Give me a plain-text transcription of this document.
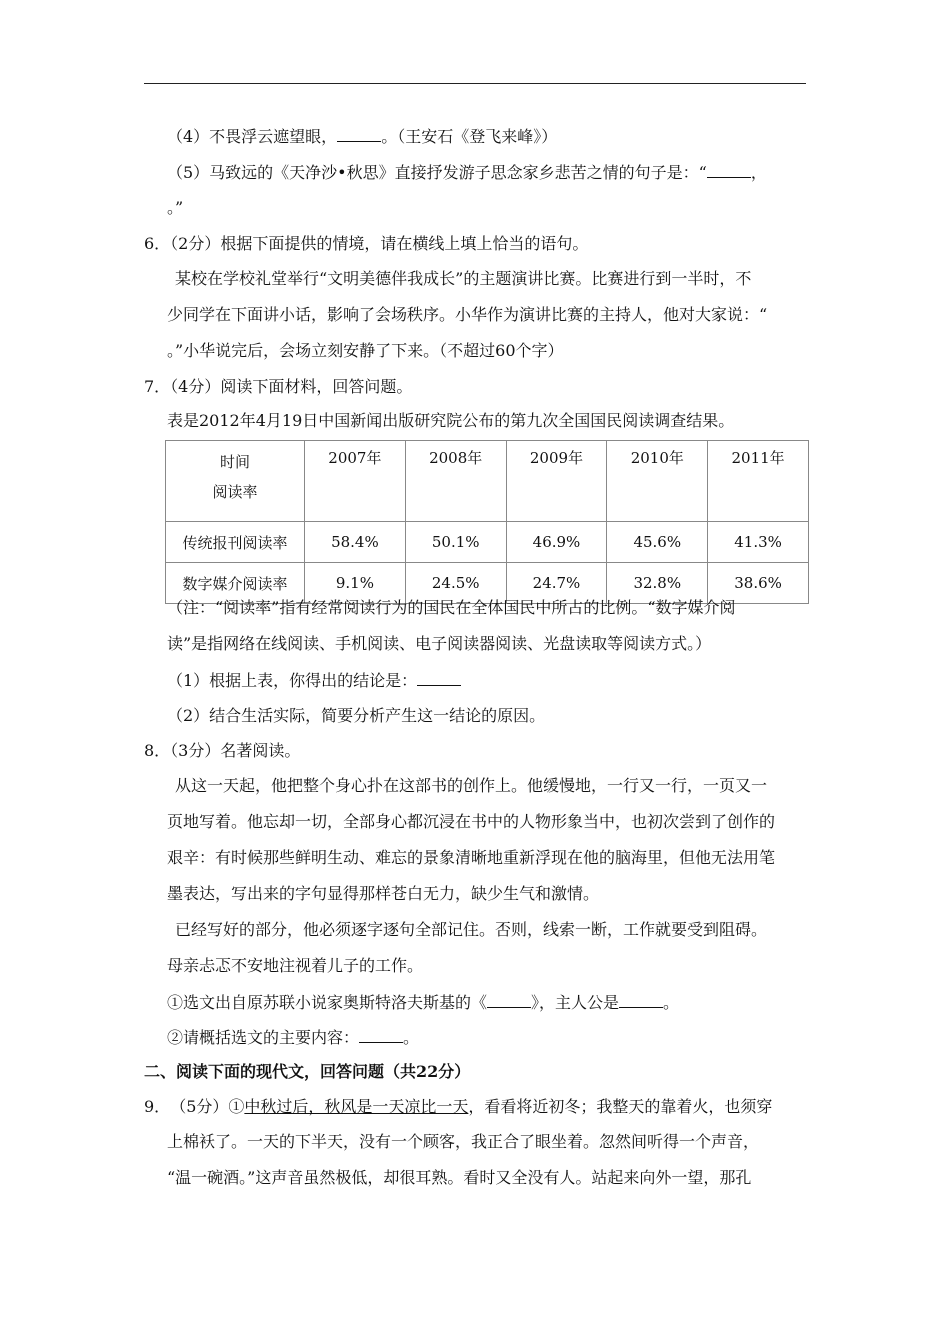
（4）不畏浮云遮望眼，	。（王安石《登飞来峰》）
（5）马致远的《天净沙•秋思》直接抒发游子思念家乡悲苦之情的句子是：“	，
。”
6．（2分）根据下面提供的情境，请在横线上填上恰当的语句。
某校在学校礼堂举行“文明美德伴我成长”的主题演讲比赛。比赛进行到一半时，不
少同学在下面讲小话，影响了会场秩序。小华作为演讲比赛的主持人，他对大家说：“
。”小华说完后，会场立刻安静了下来。（不超过60个字）
7．（4分）阅读下面材料，回答问题。
表是2012年4月19日中国新闻出版研究院公布的第九次全国国民阅读调查结果。
时间
阅读率	2007年	2008年	2009年	2010年	2011年
传统报刊阅读率	58.4%	50.1%	46.9%	45.6%	41.3%
数字媒介阅读率	9.1%	24.5%	24.7%	32.8%	38.6%
（注：“阅读率”指有经常阅读行为的国民在全体国民中所占的比例。“数字媒介阅
读”是指网络在线阅读、手机阅读、电子阅读器阅读、光盘读取等阅读方式。）
（1）根据上表，你得出的结论是：
（2）结合生活实际，简要分析产生这一结论的原因。
8．（3分）名著阅读。
从这一天起，他把整个身心扑在这部书的创作上。他缓慢地，一行又一行，一页又一
页地写着。他忘却一切，全部身心都沉浸在书中的人物形象当中，也初次尝到了创作的
艰辛：有时候那些鲜明生动、难忘的景象清晰地重新浮现在他的脑海里，但他无法用笔
墨表达，写出来的字句显得那样苍白无力，缺少生气和激情。
已经写好的部分，他必须逐字逐句全部记住。否则，线索一断，工作就要受到阻碍。
母亲忐忑不安地注视着儿子的工作。
①选文出自原苏联小说家奥斯特洛夫斯基的《	》，主人公是	。
②请概括选文的主要内容：	。
二、阅读下面的现代文，回答问题（共22分）
9． （5分）①中秋过后，秋风是一天凉比一天，看看将近初冬；我整天的靠着火，也须穿
上棉袄了。一天的下半天，没有一个顾客，我正合了眼坐着。忽然间听得一个声音，
“温一碗酒。”这声音虽然极低，却很耳熟。看时又全没有人。站起来向外一望，那孔
